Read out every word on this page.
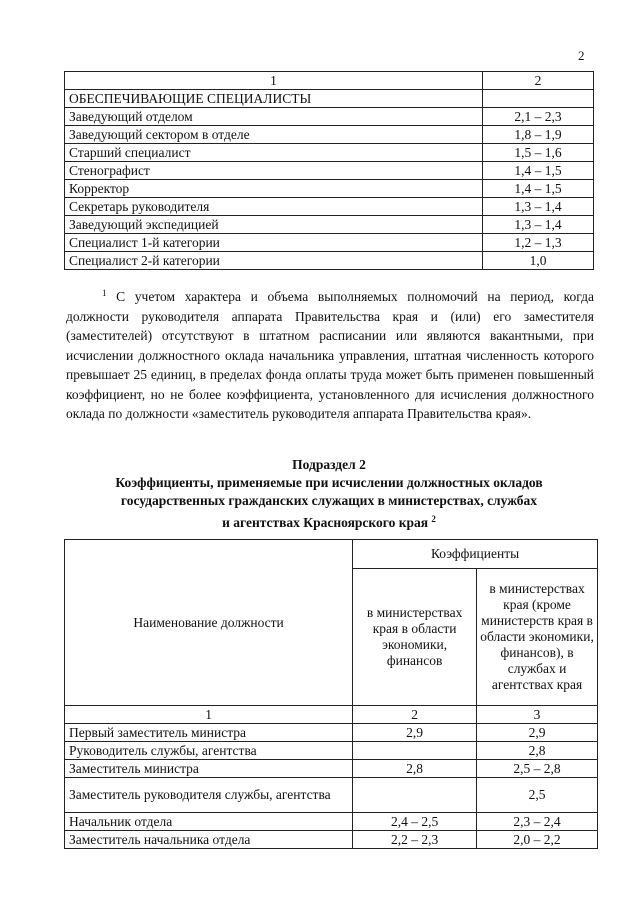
2
1	2
ОБЕСПЕЧИВАЮЩИЕ СПЕЦИАЛИСТЫ	
Заведующий отделом	2,1 – 2,3
Заведующий сектором в отделе	1,8 – 1,9
Старший специалист	1,5 – 1,6
Стенографист	1,4 – 1,5
Корректор	1,4 – 1,5
Секретарь руководителя	1,3 – 1,4
Заведующий экспедицией	1,3 – 1,4
Специалист 1-й категории	1,2 – 1,3
Специалист 2-й категории	1,0

$^1$ С учетом характера и объема выполняемых полномочий на период, когда должности руководителя аппарата Правительства края и (или) его заместителя (заместителей) отсутствуют в штатном расписании или являются вакантными, при исчислении должностного оклада начальника управления, штатная численность которого превышает 25 единиц, в пределах фонда оплаты труда может быть применен повышенный коэффициент, но не более коэффициента, установленного для исчисления должностного оклада по должности «заместитель руководителя аппарата Правительства края».

Подраздел 2
Коэффициенты, применяемые при исчислении должностных окладов
государственных гражданских служащих в министерствах, службах
и агентствах Красноярского края $^2$
Наименование должности	Коэффициенты	
	в министерствах края в области экономики, финансов	в министерствах края (кроме министерств края в области экономики, финансов), в службах и агентствах края
1	2	3
Первый заместитель министра	2,9	2,9
Руководитель службы, агентства		2,8
Заместитель министра	2,8	2,5 – 2,8
Заместитель руководителя службы, агентства		2,5
Начальник отдела	2,4 – 2,5	2,3 – 2,4
Заместитель начальника отдела	2,2 – 2,3	2,0 – 2,2
